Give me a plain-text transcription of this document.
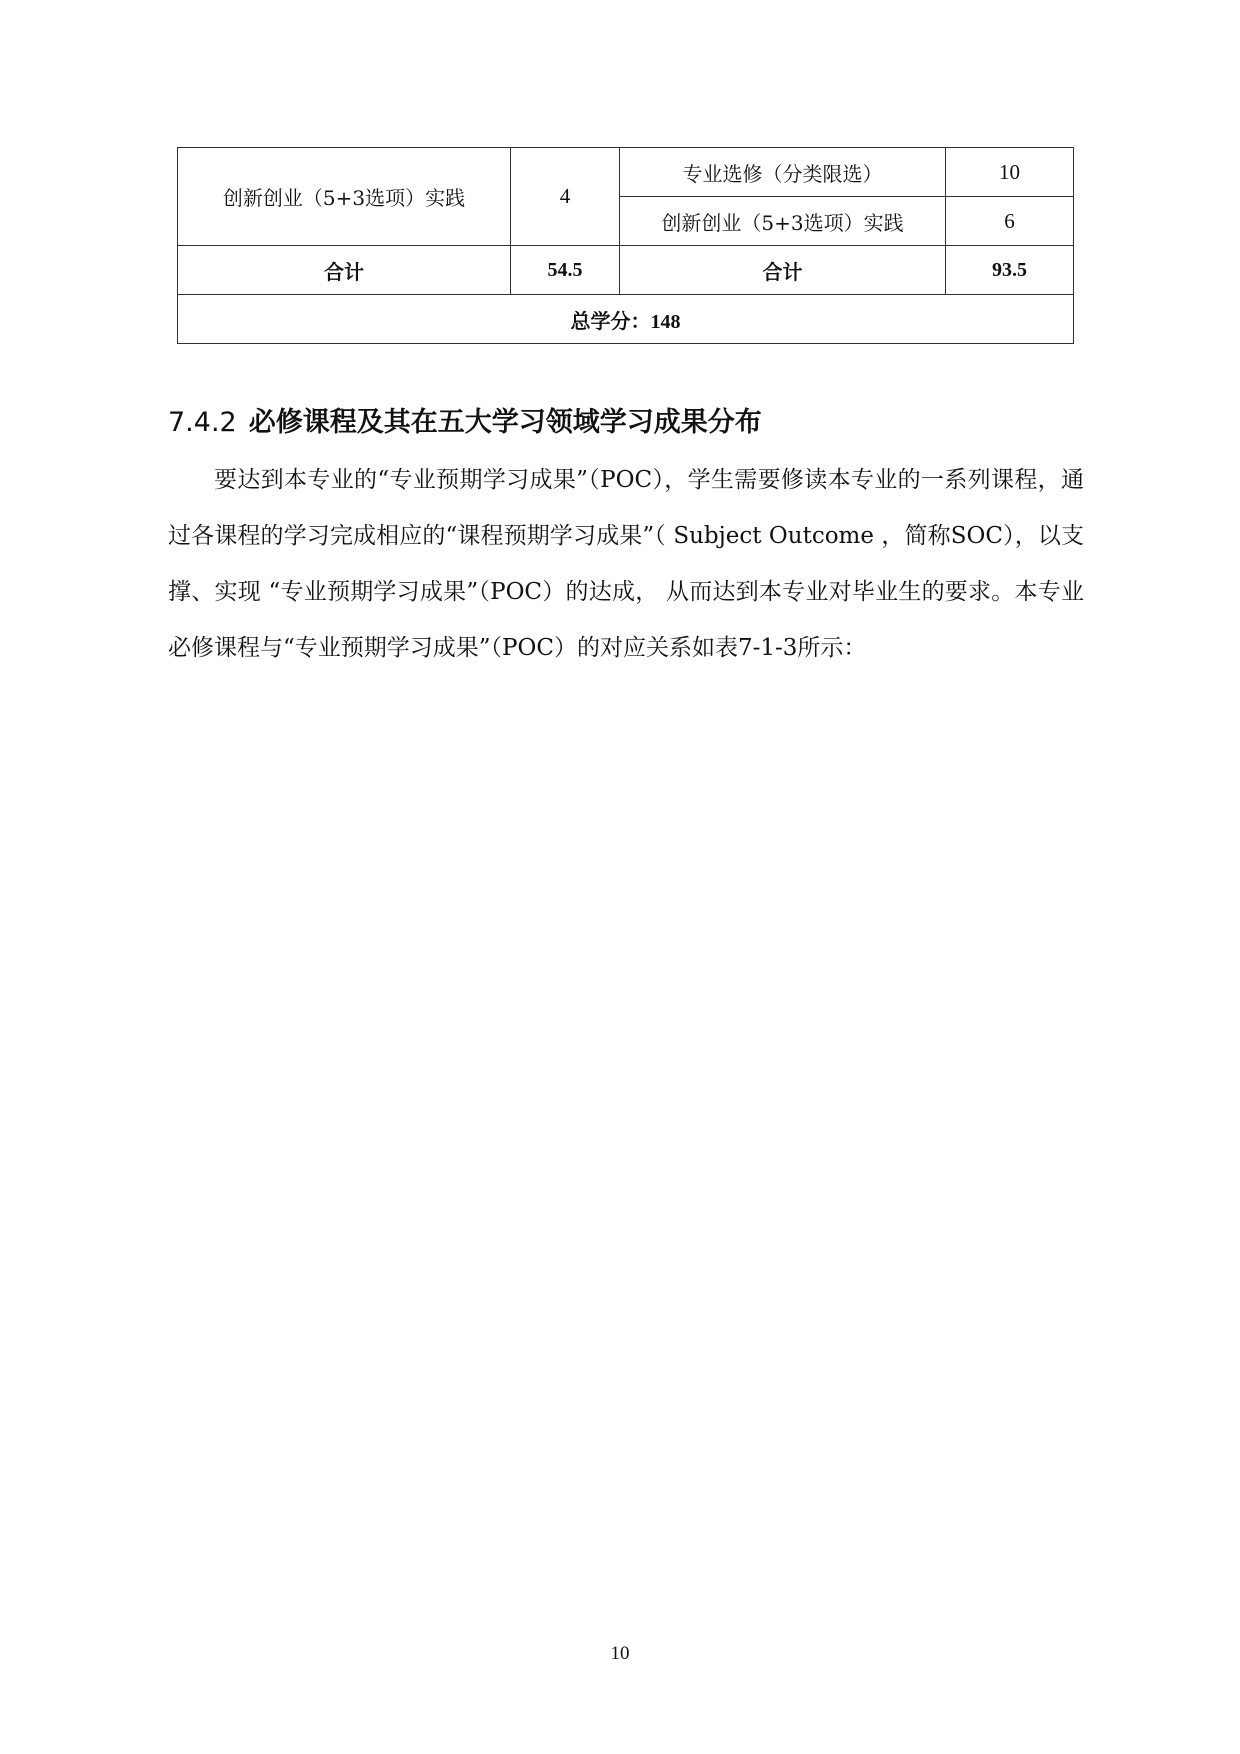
创新创业（5+3选项）实践	4	专业选修（分类限选）	10
		创新创业（5+3选项）实践	6
合计	54.5	合计	93.5
总学分：148			
7.4.2 必修课程及其在五大学习领域学习成果分布

要达到本专业的“专业预期学习成果”（POC），学生需要修读本专业的一系列课程，通过各课程的学习完成相应的“课程预期学习成果”（ Subject Outcome ，简称SOC），以支撑、实现 “专业预期学习成果”（POC）的达成， 从而达到本专业对毕业生的要求。本专业必修课程与“专业预期学习成果”（POC）的对应关系如表7-1-3所示：

10
